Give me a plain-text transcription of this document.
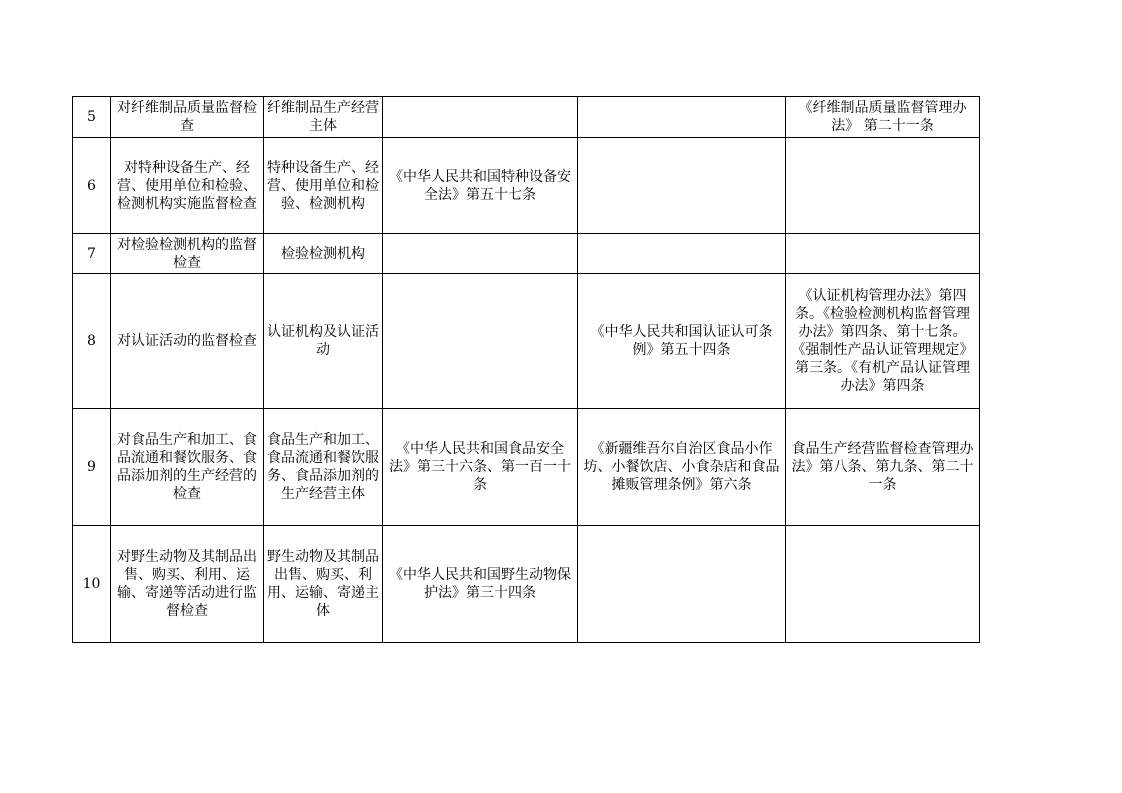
5	对纤维制品质量监督检查	纤维制品生产经营主体			《纤维制品质量监督管理办法》 第二十一条
6	对特种设备生产、经营、使用单位和检验、检测机构实施监督检查	特种设备生产、经营、使用单位和检验、检测机构	《中华人民共和国特种设备安全法》第五十七条		
7	对检验检测机构的监督检查	检验检测机构			
8	对认证活动的监督检查	认证机构及认证活动		《中华人民共和国认证认可条例》第五十四条	《认证机构管理办法》第四条。《检验检测机构监督管理办法》第四条、第十七条。《强制性产品认证管理规定》第三条。《有机产品认证管理办法》第四条
9	对食品生产和加工、食品流通和餐饮服务、食品添加剂的生产经营的检查	食品生产和加工、食品流通和餐饮服务、食品添加剂的生产经营主体	《中华人民共和国食品安全法》第三十六条、第一百一十条	《新疆维吾尔自治区食品小作坊、小餐饮店、小食杂店和食品摊贩管理条例》第六条	食品生产经营监督检查管理办法》第八条、第九条、第二十一条
10	对野生动物及其制品出售、购买、利用、运输、寄递等活动进行监督检查	野生动物及其制品出售、购买、利用、运输、寄递主体	《中华人民共和国野生动物保护法》第三十四条		
